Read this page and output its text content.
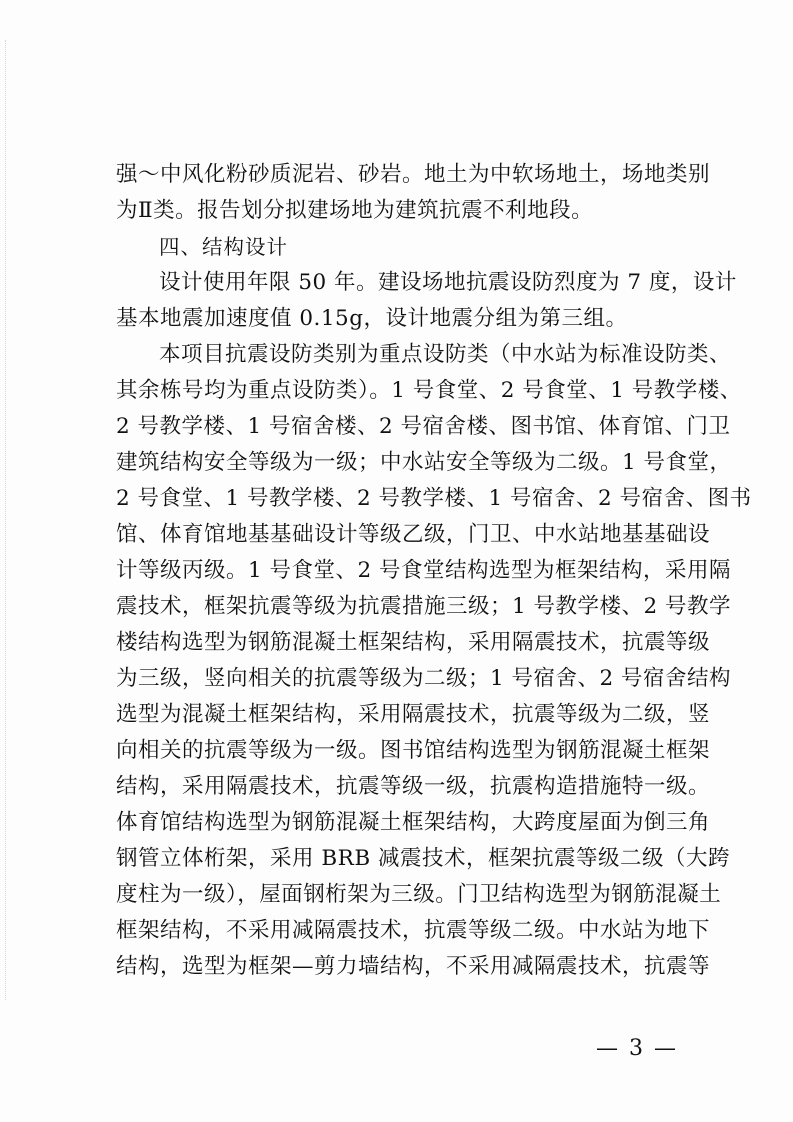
强～中风化粉砂质泥岩、砂岩。地土为中软场地土，场地类别
为Ⅱ类。报告划分拟建场地为建筑抗震不利地段。
四、结构设计
设计使用年限 50 年。建设场地抗震设防烈度为 7 度，设计
基本地震加速度值 0.15g，设计地震分组为第三组。
本项目抗震设防类别为重点设防类（中水站为标准设防类、
其余栋号均为重点设防类）。1 号食堂、2 号食堂、1 号教学楼、
2 号教学楼、1 号宿舍楼、2 号宿舍楼、图书馆、体育馆、门卫
建筑结构安全等级为一级；中水站安全等级为二级。1 号食堂，
2 号食堂、1 号教学楼、2 号教学楼、1 号宿舍、2 号宿舍、图书
馆、体育馆地基基础设计等级乙级，门卫、中水站地基基础设
计等级丙级。1 号食堂、2 号食堂结构选型为框架结构，采用隔
震技术，框架抗震等级为抗震措施三级；1 号教学楼、2 号教学
楼结构选型为钢筋混凝土框架结构，采用隔震技术，抗震等级
为三级，竖向相关的抗震等级为二级；1 号宿舍、2 号宿舍结构
选型为混凝土框架结构，采用隔震技术，抗震等级为二级，竖
向相关的抗震等级为一级。图书馆结构选型为钢筋混凝土框架
结构，采用隔震技术，抗震等级一级，抗震构造措施特一级。
体育馆结构选型为钢筋混凝土框架结构，大跨度屋面为倒三角
钢管立体桁架，采用 BRB 减震技术，框架抗震等级二级（大跨
度柱为一级），屋面钢桁架为三级。门卫结构选型为钢筋混凝土
框架结构，不采用减隔震技术，抗震等级二级。中水站为地下
结构，选型为框架—剪力墙结构，不采用减隔震技术，抗震等
— 3 —
